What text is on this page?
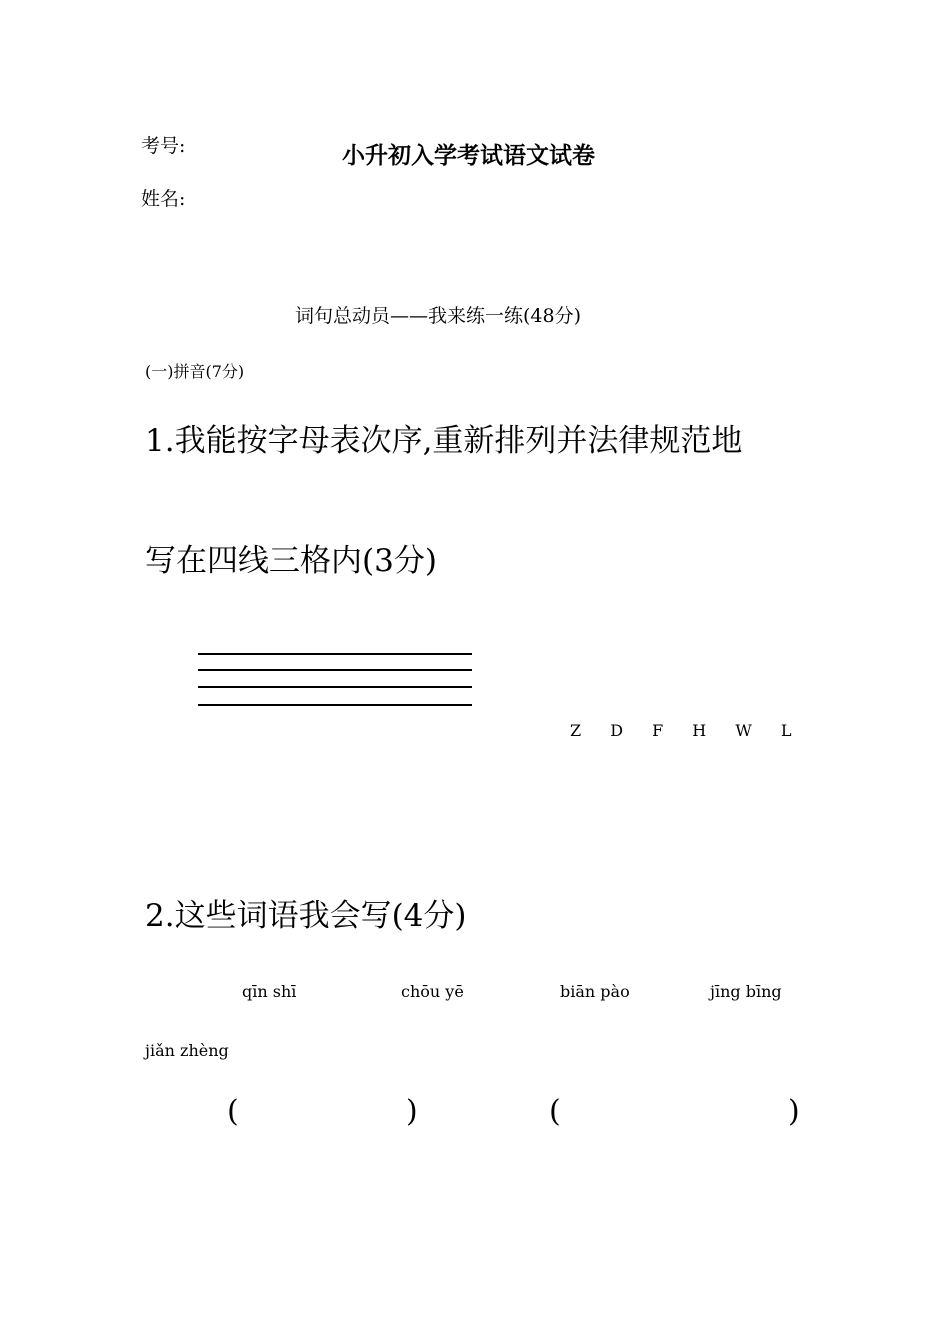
考号:	小升初入学考试语文试卷
姓名:
词句总动员——我来练一练(48分)
(一)拼音(7分)
1.我能按字母表次序,重新排列并法律规范地
写在四线三格内(3分)
Z D F H W L
2.这些词语我会写(4分)
qīn shī	chōu yē	biān pào	jīng bīng
jiǎn zhèng
(	)	(	)
